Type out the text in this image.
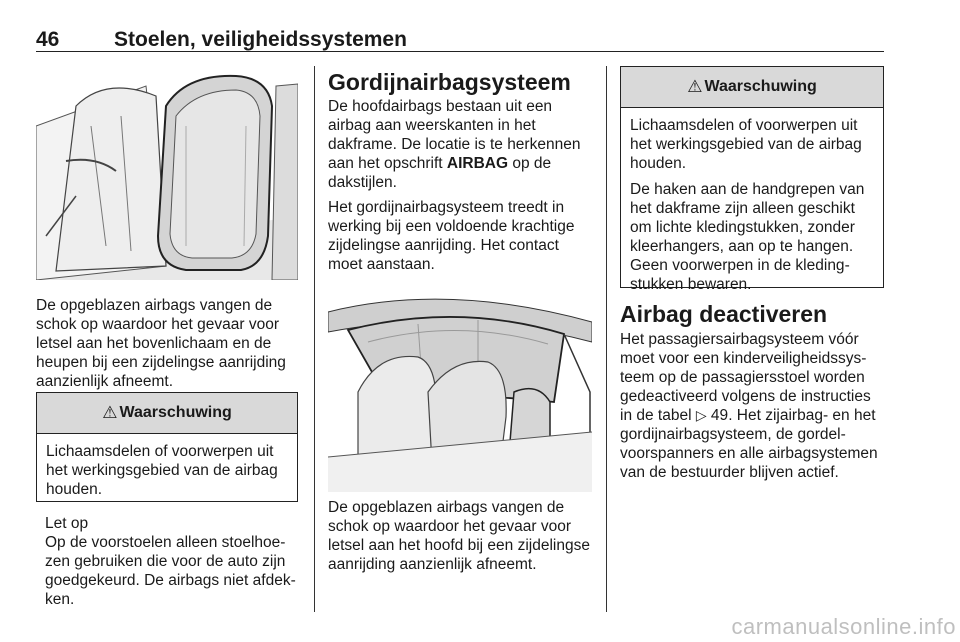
46	Stoelen, veiligheidssystemen

De opgeblazen airbags vangen de schok op waardoor het gevaar voor letsel aan het bovenlichaam en de heupen bij een zijdelingse aanrijding aanzienlijk afneemt.

⚠ Waarschuwing

Lichaamsdelen of voorwerpen uit het werkingsgebied van de airbag houden.

Let op

Op de voorstoelen alleen stoelhoezen gebruiken die voor de auto zijn goedgekeurd. De airbags niet afdekken.

Gordijnairbagsysteem

De hoofdairbags bestaan uit een airbag aan weerskanten in het dakframe. De locatie is te herkennen aan het opschrift AIRBAG op de dakstijlen.

Het gordijnairbagsysteem treedt in werking bij een voldoende krachtige zijdelingse aanrijding. Het contact moet aanstaan.

De opgeblazen airbags vangen de schok op waardoor het gevaar voor letsel aan het hoofd bij een zijdelingse aanrijding aanzienlijk afneemt.

⚠ Waarschuwing

Lichaamsdelen of voorwerpen uit het werkingsgebied van de airbag houden.

De haken aan de handgrepen van het dakframe zijn alleen geschikt om lichte kledingstukken, zonder kleerhangers, aan op te hangen. Geen voorwerpen in de kledingstukken bewaren.

Airbag deactiveren

Het passagiersairbagsysteem vóór moet voor een kinderveiligheidssysteem op de passagiersstoel worden gedeactiveerd volgens de instructies in de tabel ▷ 49. Het zijairbag- en het gordijnairbagsysteem, de gordelvoorspanners en alle airbagsystemen van de bestuurder blijven actief.

carmanualsonline.info
